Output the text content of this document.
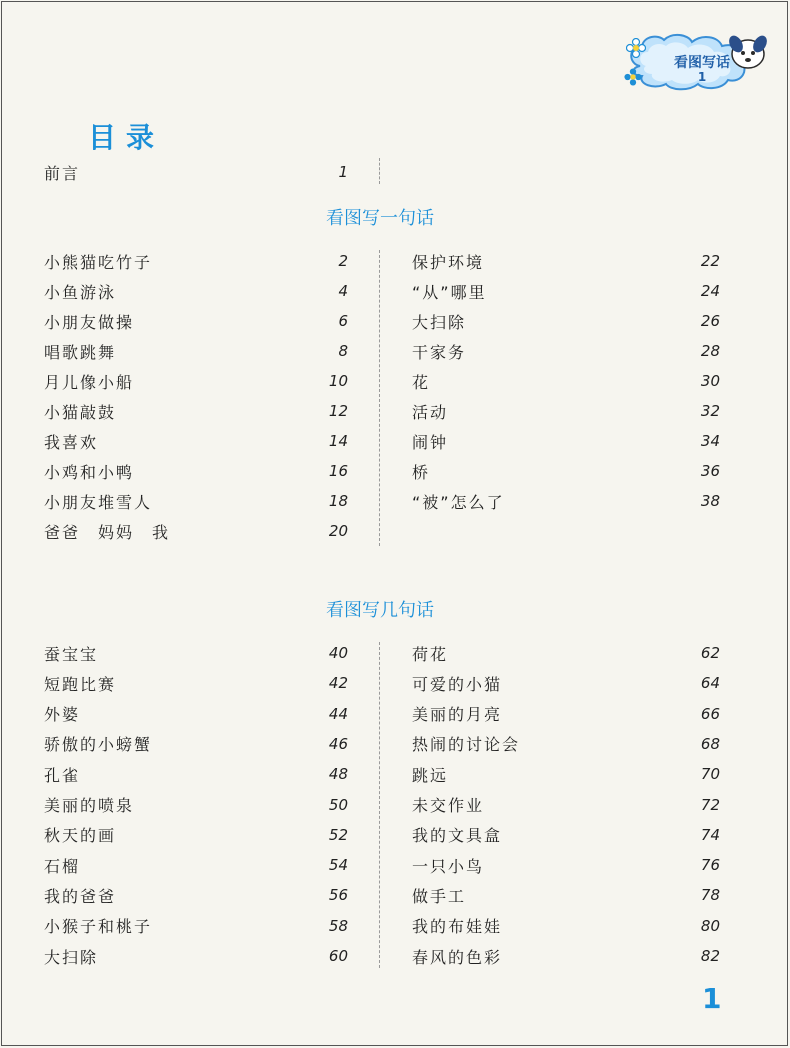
看图写话
1
目录
前言	1
看图写一句话
小熊猫吃竹子	2
小鱼游泳	4
小朋友做操	6
唱歌跳舞	8
月儿像小船	10
小猫敲鼓	12
我喜欢	14
小鸡和小鸭	16
小朋友堆雪人	18
爸爸　妈妈　我	20
保护环境	22
“从”哪里	24
大扫除	26
干家务	28
花	30
活动	32
闹钟	34
桥	36
“被”怎么了	38
看图写几句话
蚕宝宝	40
短跑比赛	42
外婆	44
骄傲的小螃蟹	46
孔雀	48
美丽的喷泉	50
秋天的画	52
石榴	54
我的爸爸	56
小猴子和桃子	58
大扫除	60
荷花	62
可爱的小猫	64
美丽的月亮	66
热闹的讨论会	68
跳远	70
未交作业	72
我的文具盒	74
一只小鸟	76
做手工	78
我的布娃娃	80
春风的色彩	82
1
